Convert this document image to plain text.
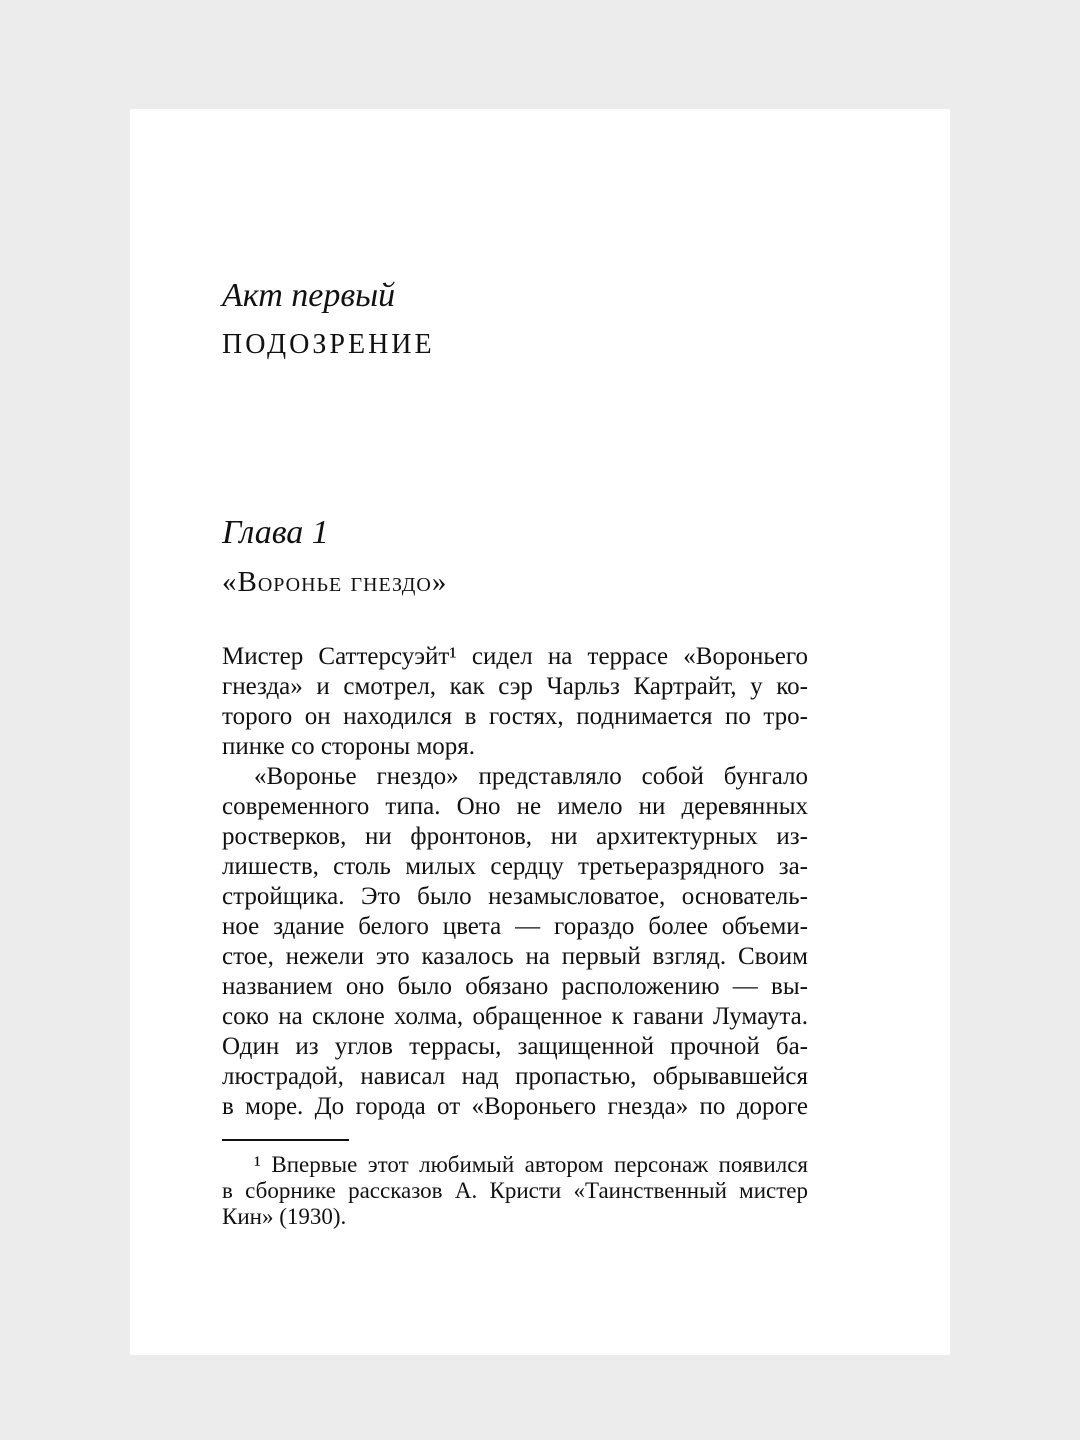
Акт первый
ПОДОЗРЕНИЕ
Глава 1
«Воронье гнездо»
Мистер Саттерсуэйт¹ сидел на террасе «Вороньего
гнезда» и смотрел, как сэр Чарльз Картрайт, у ко-
торого он находился в гостях, поднимается по тро-
пинке со стороны моря.
«Воронье гнездо» представляло собой бунгало
современного типа. Оно не имело ни деревянных
ростверков, ни фронтонов, ни архитектурных из-
лишеств, столь милых сердцу третьеразрядного за-
стройщика. Это было незамысловатое, основатель-
ное здание белого цвета — гораздо более объеми-
стое, нежели это казалось на первый взгляд. Своим
названием оно было обязано расположению — вы-
соко на склоне холма, обращенное к гавани Лумаута.
Один из углов террасы, защищенной прочной ба-
люстрадой, нависал над пропастью, обрывавшейся
в море. До города от «Вороньего гнезда» по дороге
¹ Впервые этот любимый автором персонаж появился
в сборнике рассказов А. Кристи «Таинственный мистер
Кин» (1930).
